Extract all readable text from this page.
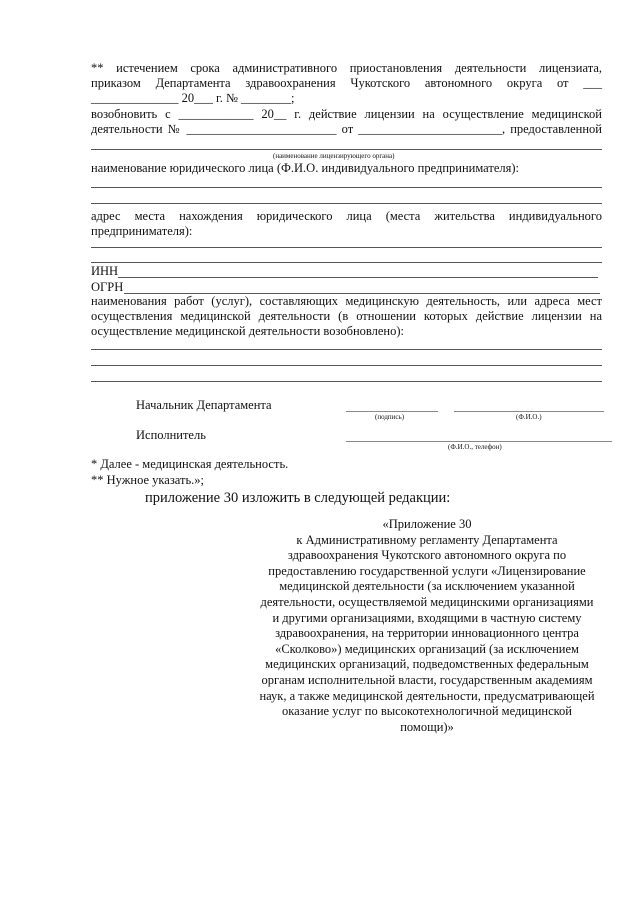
** истечением срока административного приостановления деятельности лицензиата,
приказом Департамента здравоохранения Чукотского автономного округа от ___
______________ 20___ г. № ________;
возобновить с ____________ 20__ г. действие лицензии на осуществление медицинской
деятельности № ________________________ от _______________________, предоставленной
(наименование лицензирующего органа)
наименование юридического лица (Ф.И.О. индивидуального предпринимателя):
адрес места нахождения юридического лица (места жительства индивидуального
предпринимателя):
ИНН
ОГРН
наименования работ (услуг), составляющих медицинскую деятельность, или адреса мест
осуществления медицинской деятельности (в отношении которых действие лицензии на
осуществление медицинской деятельности возобновлено):
Начальник Департамента
(подпись)	(Ф.И.О.)
Исполнитель
(Ф.И.О., телефон)
* Далее - медицинская деятельность.
** Нужное указать.»;
приложение 30 изложить в следующей редакции:
«Приложение 30
к Административному регламенту Департамента
здравоохранения Чукотского автономного округа по
предоставлению государственной услуги «Лицензирование
медицинской деятельности (за исключением указанной
деятельности, осуществляемой медицинскими организациями
и другими организациями, входящими в частную систему
здравоохранения, на территории инновационного центра
«Сколково») медицинских организаций (за исключением
медицинских организаций, подведомственных федеральным
органам исполнительной власти, государственным академиям
наук, а также медицинской деятельности, предусматривающей
оказание услуг по высокотехнологичной медицинской
помощи)»
